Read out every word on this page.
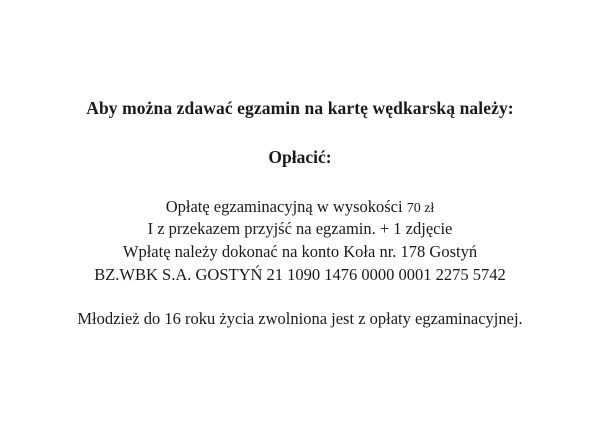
Aby można zdawać egzamin na kartę wędkarską należy:

Opłacić:

Opłatę egzaminacyjną w wysokości 70 zł

I z przekazem przyjść na egzamin. + 1 zdjęcie

Wpłatę należy dokonać na konto Koła nr. 178 Gostyń

BZ.WBK S.A. GOSTYŃ 21 1090 1476 0000 0001 2275 5742

Młodzież do 16 roku życia zwolniona jest z opłaty egzaminacyjnej.
